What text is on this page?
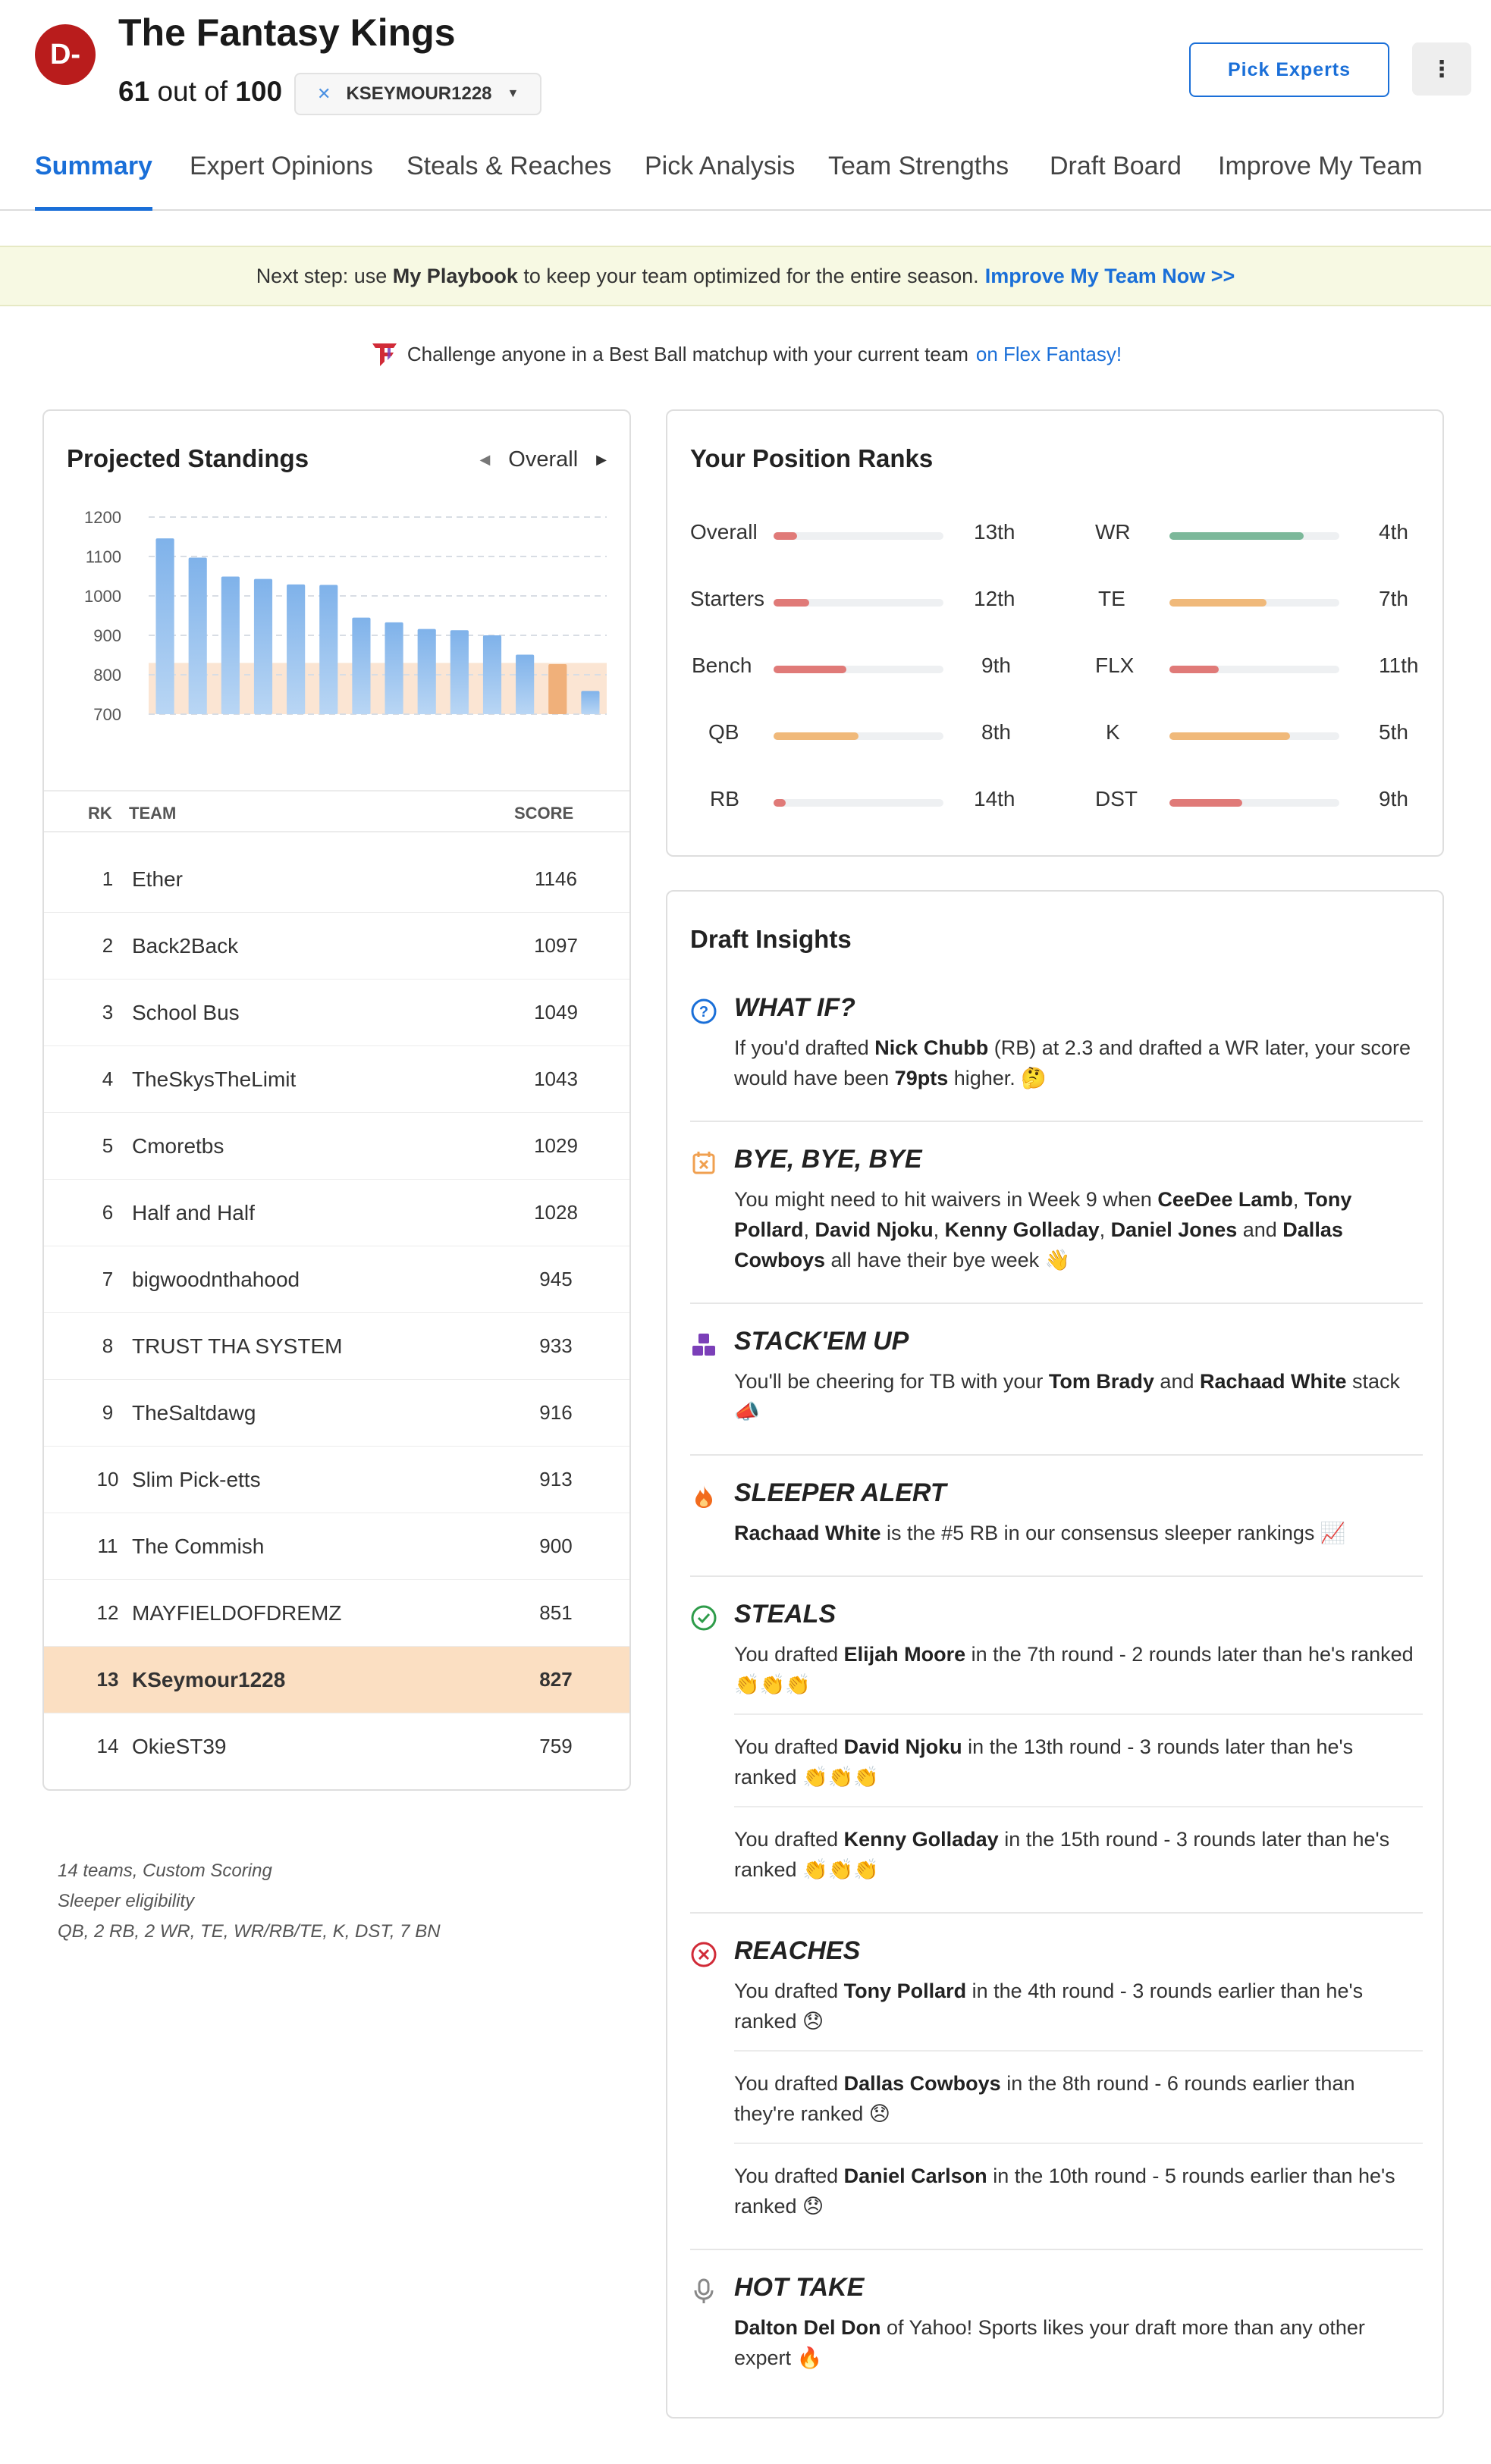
D-
The Fantasy Kings
61 out of 100 ✕ KSEYMOUR1228 ▼
Pick Experts	⋮
Summary Expert Opinions Steals & Reaches Pick Analysis Team Strengths Draft Board Improve My Team
Next step: use
My Playbook
to keep your team optimized for the entire season. Improve My Team Now >>
Challenge anyone in a Best Ball matchup with your current team on Flex Fantasy!
Projected Standings	◀ Overall ▶
1200
1100
1000
900
800
700
RK TEAM	SCORE
1 Ether	1146
2 Back2Back	1097
3 School Bus	1049
4 TheSkysTheLimit	1043
5 Cmoretbs	1029
6 Half and Half	1028
7 bigwoodnthahood	945
8 TRUST THA SYSTEM	933
9 TheSaltdawg	916
10 Slim Pick-etts	913
11 The Commish	900
12 MAYFIELDOFDREMZ	851
13 KSeymour1228	827
14 OkieST39	759
14 teams, Custom Scoring
Sleeper eligibility
QB, 2 RB, 2 WR, TE, WR/RB/TE, K, DST, 7 BN
Your Position Ranks
Overall	13th
Starters	12th
Bench	9th
QB	8th
RB	14th
WR	4th
TE	7th
FLX	11th
K	5th
DST	9th
Draft Insights
? WHAT IF?
If you'd drafted Nick Chubb (RB) at 2.3 and drafted a WR later, your score would have been 79pts higher. 🤔
BYE, BYE, BYE
You might need to hit waivers in Week 9 when CeeDee Lamb, Tony Pollard, David Njoku, Kenny Golladay, Daniel Jones and Dallas Cowboys all have their bye week 👋
STACK'EM UP
You'll be cheering for TB with your Tom Brady and Rachaad White stack 📣
SLEEPER ALERT
Rachaad White is the #5 RB in our consensus sleeper rankings 📈
STEALS
You drafted Elijah Moore in the 7th round - 2 rounds later than he's ranked 👏👏👏
You drafted David Njoku in the 13th round - 3 rounds later than he's ranked 👏👏👏
You drafted Kenny Golladay in the 15th round - 3 rounds later than he's ranked 👏👏👏
REACHES
You drafted Tony Pollard in the 4th round - 3 rounds earlier than he's ranked 😞
You drafted Dallas Cowboys in the 8th round - 6 rounds earlier than they're ranked 😞
You drafted Daniel Carlson in the 10th round - 5 rounds earlier than he's ranked 😞
HOT TAKE
Dalton Del Don of Yahoo! Sports likes your draft more than any other expert 🔥
